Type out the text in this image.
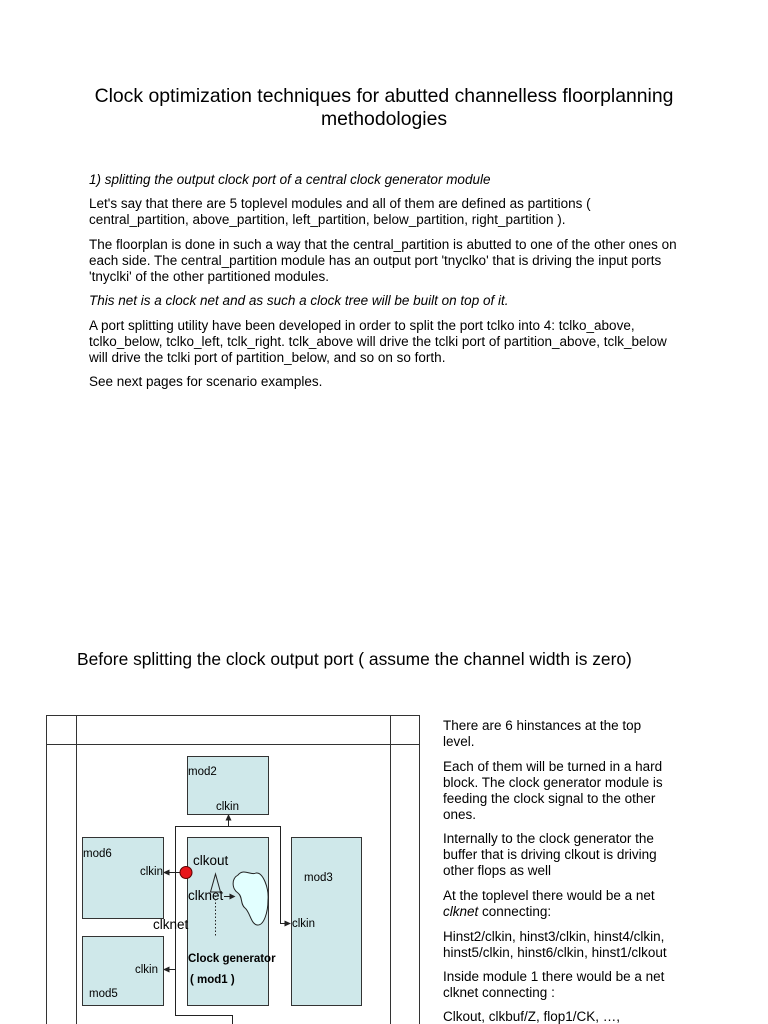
Clock optimization techniques for abutted channelless floorplanning
methodologies
1) splitting the output clock port of a central clock generator module
Let's say that there are 5 toplevel modules and all of them are defined as partitions (
central_partition, above_partition, left_partition, below_partition, right_partition ).
The floorplan is done in such a way that the central_partition is abutted to one of the other ones on
each side. The central_partition module has an output port 'tnyclko' that is driving the input ports
'tnyclki' of the other partitioned modules.
This net is a clock net and as such a clock tree will be built on top of it.
A port splitting utility have been developed in order to split the port tclko into 4: tclko_above,
tclko_below, tclko_left, tclk_right. tclk_above will drive the tclki port of partition_above, tclk_below
will drive the tclki port of partition_below, and so on so forth.
See next pages for scenario examples.
Before splitting the clock output port ( assume the channel width is zero)
mod2
clkin
mod6
clkin
clkin
mod5
mod3
clkin
clkout
clknet
Clock generator
( mod1 )
clknet
There are 6 hinstances at the top
level.
Each of them will be turned in a hard
block. The clock generator module is
feeding the clock signal to the other
ones.
Internally to the clock generator the
buffer that is driving clkout is driving
other flops as well
At the toplevel there would be a net
clknet connecting:
Hinst2/clkin, hinst3/clkin, hinst4/clkin,
hinst5/clkin, hinst6/clkin, hinst1/clkout
Inside module 1 there would be a net
clknet connecting :
Clkout, clkbuf/Z, flop1/CK, …,
